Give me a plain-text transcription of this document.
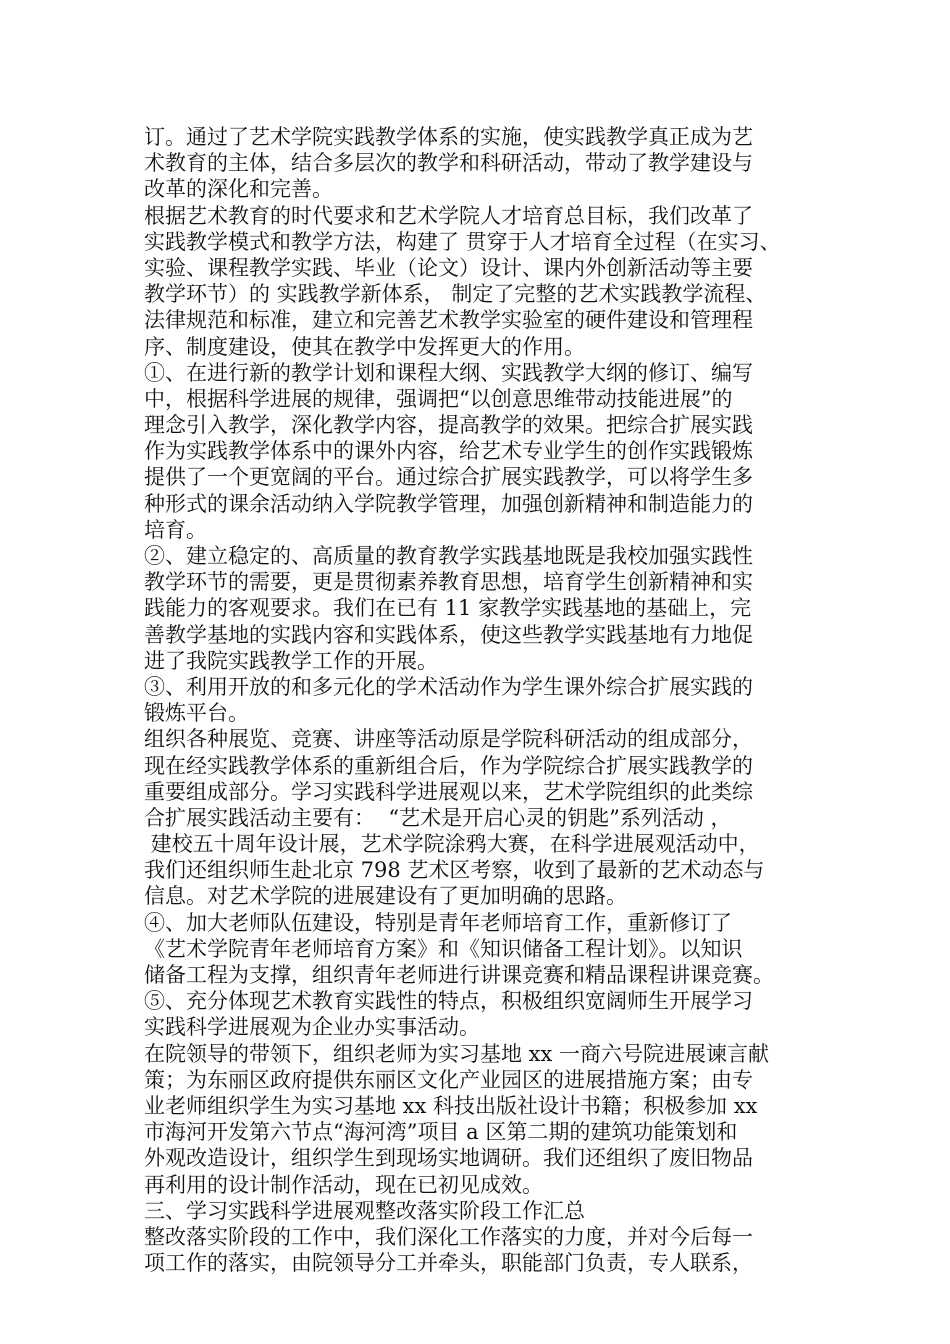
订。通过了艺术学院实践教学体系的实施，使实践教学真正成为艺
术教育的主体，结合多层次的教学和科研活动，带动了教学建设与
改革的深化和完善。
根据艺术教育的时代要求和艺术学院人才培育总目标，我们改革了
实践教学模式和教学方法，构建了 贯穿于人才培育全过程（在实习、
实验、课程教学实践、毕业（论文）设计、课内外创新活动等主要
教学环节）的 实践教学新体系， 制定了完整的艺术实践教学流程、
法律规范和标准，建立和完善艺术教学实验室的硬件建设和管理程
序、制度建设，使其在教学中发挥更大的作用。
①、在进行新的教学计划和课程大纲、实践教学大纲的修订、编写
中，根据科学进展的规律，强调把“以创意思维带动技能进展”的
理念引入教学，深化教学内容，提高教学的效果。把综合扩展实践
作为实践教学体系中的课外内容，给艺术专业学生的创作实践锻炼
提供了一个更宽阔的平台。通过综合扩展实践教学，可以将学生多
种形式的课余活动纳入学院教学管理，加强创新精神和制造能力的
培育。
②、建立稳定的、高质量的教育教学实践基地既是我校加强实践性
教学环节的需要，更是贯彻素养教育思想，培育学生创新精神和实
践能力的客观要求。我们在已有 11 家教学实践基地的基础上，完
善教学基地的实践内容和实践体系，使这些教学实践基地有力地促
进了我院实践教学工作的开展。
③、利用开放的和多元化的学术活动作为学生课外综合扩展实践的
锻炼平台。
组织各种展览、竞赛、讲座等活动原是学院科研活动的组成部分，
现在经实践教学体系的重新组合后，作为学院综合扩展实践教学的
重要组成部分。学习实践科学进展观以来，艺术学院组织的此类综
合扩展实践活动主要有：  “艺术是开启心灵的钥匙”系列活动 ，
建校五十周年设计展，艺术学院涂鸦大赛，在科学进展观活动中，
我们还组织师生赴北京 798 艺术区考察，收到了最新的艺术动态与
信息。对艺术学院的进展建设有了更加明确的思路。
④、加大老师队伍建设，特别是青年老师培育工作，重新修订了
《艺术学院青年老师培育方案》和《知识储备工程计划》。以知识
储备工程为支撑，组织青年老师进行讲课竞赛和精品课程讲课竞赛。
⑤、充分体现艺术教育实践性的特点，积极组织宽阔师生开展学习
实践科学进展观为企业办实事活动。
在院领导的带领下，组织老师为实习基地 xx 一商六号院进展谏言献
策；为东丽区政府提供东丽区文化产业园区的进展措施方案；由专
业老师组织学生为实习基地 xx 科技出版社设计书籍；积极参加 xx
市海河开发第六节点“海河湾”项目 a 区第二期的建筑功能策划和
外观改造设计，组织学生到现场实地调研。我们还组织了废旧物品
再利用的设计制作活动，现在已初见成效。
三、学习实践科学进展观整改落实阶段工作汇总
整改落实阶段的工作中，我们深化工作落实的力度，并对今后每一
项工作的落实，由院领导分工并牵头，职能部门负责，专人联系，
